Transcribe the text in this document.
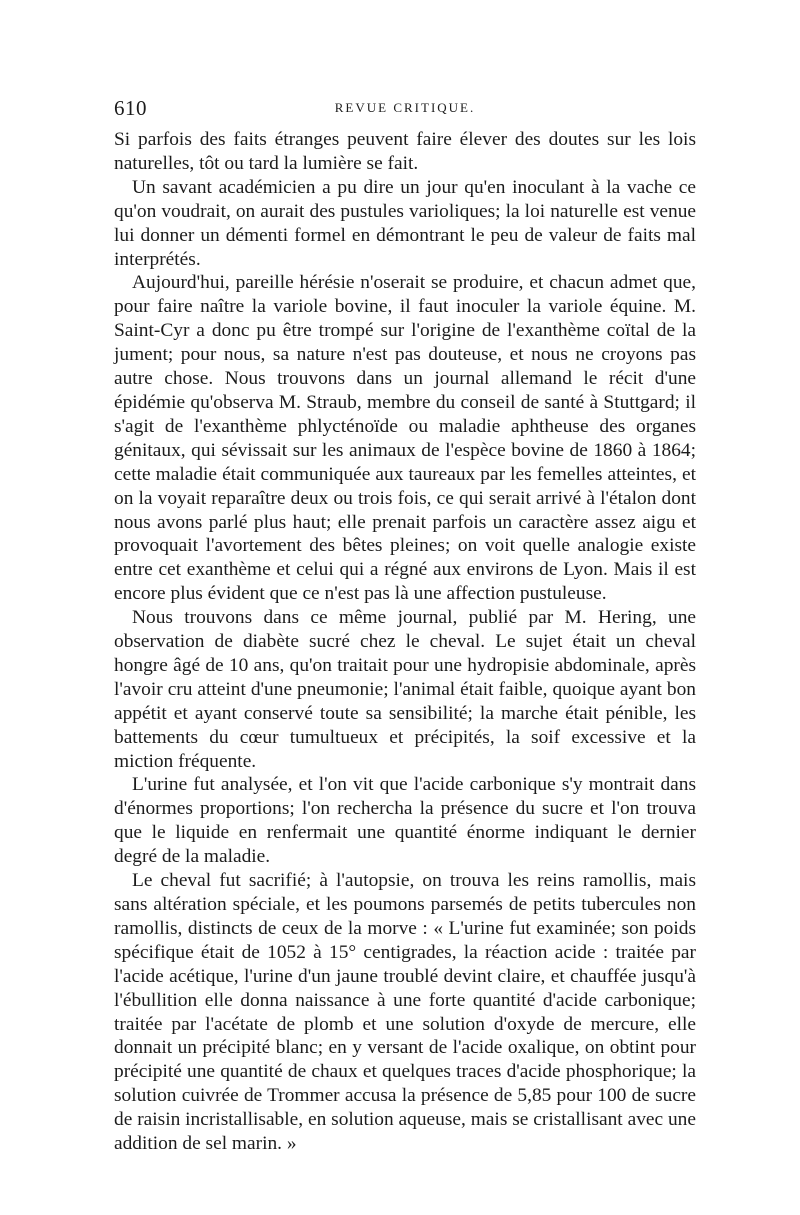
610	REVUE CRITIQUE.

Si parfois des faits étranges peuvent faire élever des doutes sur les lois naturelles, tôt ou tard la lumière se fait.

Un savant académicien a pu dire un jour qu'en inoculant à la vache ce qu'on voudrait, on aurait des pustules varioliques; la loi naturelle est venue lui donner un démenti formel en démontrant le peu de valeur de faits mal interprétés.

Aujourd'hui, pareille hérésie n'oserait se produire, et chacun admet que, pour faire naître la variole bovine, il faut inoculer la variole équine. M. Saint-Cyr a donc pu être trompé sur l'origine de l'exanthème coïtal de la jument; pour nous, sa nature n'est pas douteuse, et nous ne croyons pas autre chose. Nous trouvons dans un journal allemand le récit d'une épidémie qu'observa M. Straub, membre du conseil de santé à Stuttgard; il s'agit de l'exanthème phlycténoïde ou maladie aphtheuse des organes génitaux, qui sévissait sur les animaux de l'espèce bovine de 1860 à 1864; cette maladie était communiquée aux taureaux par les femelles atteintes, et on la voyait reparaître deux ou trois fois, ce qui serait arrivé à l'étalon dont nous avons parlé plus haut; elle prenait parfois un caractère assez aigu et provoquait l'avortement des bêtes pleines; on voit quelle analogie existe entre cet exanthème et celui qui a régné aux environs de Lyon. Mais il est encore plus évident que ce n'est pas là une affection pustuleuse.

Nous trouvons dans ce même journal, publié par M. Hering, une observation de diabète sucré chez le cheval. Le sujet était un cheval hongre âgé de 10 ans, qu'on traitait pour une hydropisie abdominale, après l'avoir cru atteint d'une pneumonie; l'animal était faible, quoique ayant bon appétit et ayant conservé toute sa sensibilité; la marche était pénible, les battements du cœur tumultueux et précipités, la soif excessive et la miction fréquente.

L'urine fut analysée, et l'on vit que l'acide carbonique s'y montrait dans d'énormes proportions; l'on rechercha la présence du sucre et l'on trouva que le liquide en renfermait une quantité énorme indiquant le dernier degré de la maladie.

Le cheval fut sacrifié; à l'autopsie, on trouva les reins ramollis, mais sans altération spéciale, et les poumons parsemés de petits tubercules non ramollis, distincts de ceux de la morve : « L'urine fut examinée; son poids spécifique était de 1052 à 15° centigrades, la réaction acide : traitée par l'acide acétique, l'urine d'un jaune troublé devint claire, et chauffée jusqu'à l'ébullition elle donna naissance à une forte quantité d'acide carbonique; traitée par l'acétate de plomb et une solution d'oxyde de mercure, elle donnait un précipité blanc; en y versant de l'acide oxalique, on obtint pour précipité une quantité de chaux et quelques traces d'acide phosphorique; la solution cuivrée de Trommer accusa la présence de 5,85 pour 100 de sucre de raisin incristallisable, en solution aqueuse, mais se cristallisant avec une addition de sel marin. »
